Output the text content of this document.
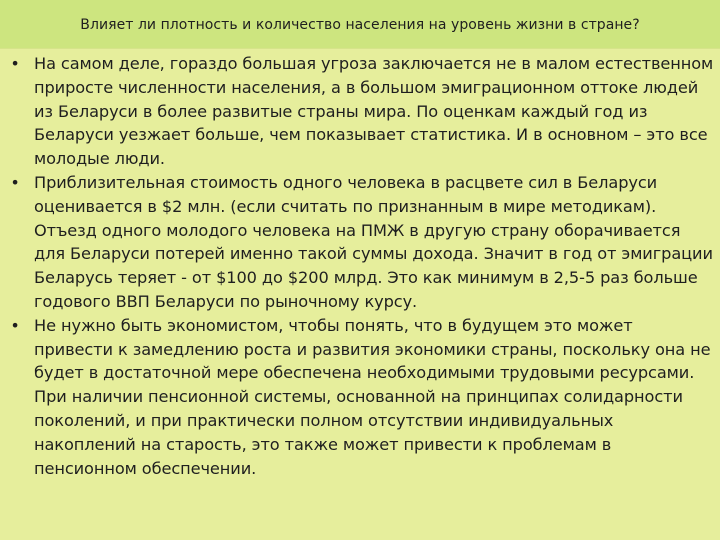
Влияет ли плотность и количество населения на уровень жизни в стране?
• На самом деле, гораздо большая угроза заключается не в малом естественном приросте численности населения, а в большом эмиграционном оттоке людей из Беларуси в более развитые страны мира. По оценкам каждый год из Беларуси уезжает больше, чем показывает статистика. И в основном – это все молодые люди.
• Приблизительная стоимость одного человека в расцвете сил в Беларуси оценивается в $2 млн. (если считать по признанным в мире методикам). Отъезд одного молодого человека на ПМЖ в другую страну оборачивается для Беларуси потерей именно такой суммы дохода. Значит в год от эмиграции Беларусь теряет - от $100 до $200 млрд. Это как минимум в 2,5-5 раз больше годового ВВП Беларуси по рыночному курсу.
• Не нужно быть экономистом, чтобы понять, что в будущем это может привести к замедлению роста и развития экономики страны, поскольку она не будет в достаточной мере обеспечена необходимыми трудовыми ресурсами. При наличии пенсионной системы, основанной на принципах солидарности поколений, и при практически полном отсутствии индивидуальных накоплений на старость, это также может привести к проблемам в пенсионном обеспечении.
